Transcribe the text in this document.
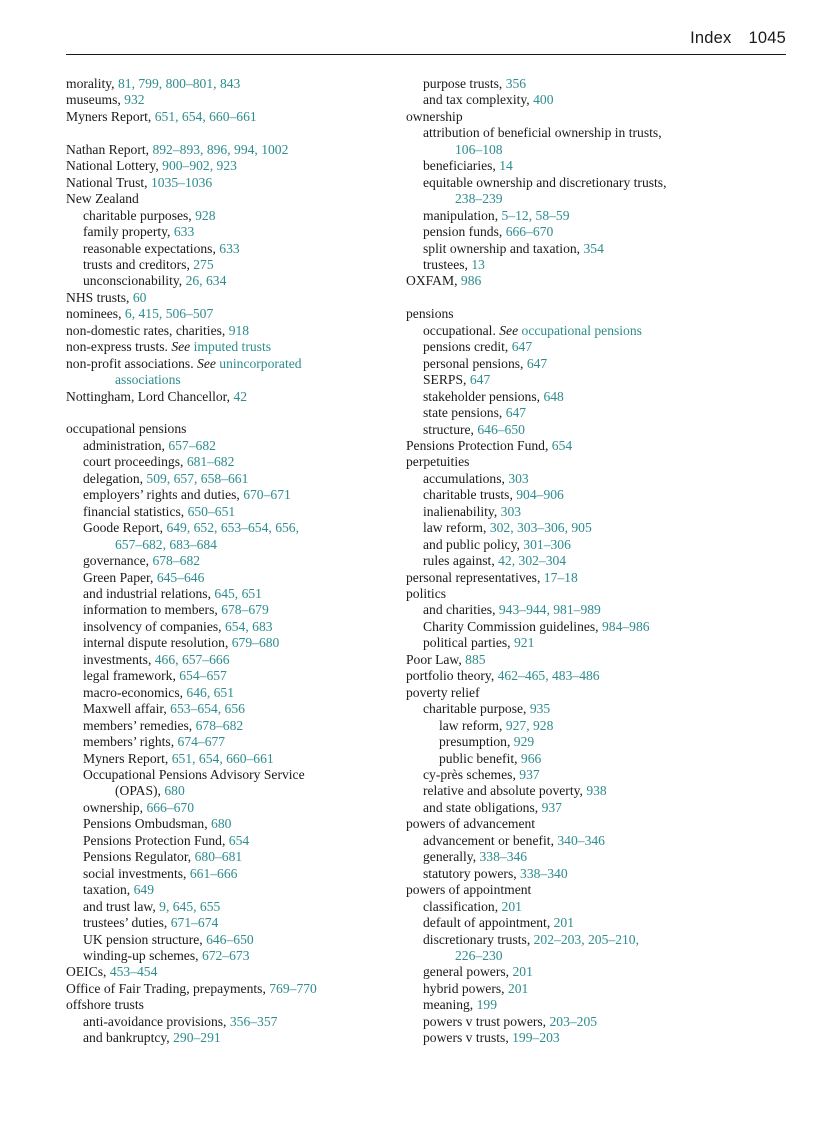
Index 1045
morality, 81, 799, 800–801, 843
museums, 932
Myners Report, 651, 654, 660–661
Nathan Report, 892–893, 896, 994, 1002
National Lottery, 900–902, 923
National Trust, 1035–1036
New Zealand
charitable purposes, 928
family property, 633
reasonable expectations, 633
trusts and creditors, 275
unconscionability, 26, 634
NHS trusts, 60
nominees, 6, 415, 506–507
non-domestic rates, charities, 918
non-express trusts. See imputed trusts
non-profit associations. See unincorporated
associations
Nottingham, Lord Chancellor, 42
occupational pensions
administration, 657–682
court proceedings, 681–682
delegation, 509, 657, 658–661
employers’ rights and duties, 670–671
financial statistics, 650–651
Goode Report, 649, 652, 653–654, 656,
657–682, 683–684
governance, 678–682
Green Paper, 645–646
and industrial relations, 645, 651
information to members, 678–679
insolvency of companies, 654, 683
internal dispute resolution, 679–680
investments, 466, 657–666
legal framework, 654–657
macro-economics, 646, 651
Maxwell affair, 653–654, 656
members’ remedies, 678–682
members’ rights, 674–677
Myners Report, 651, 654, 660–661
Occupational Pensions Advisory Service
(OPAS), 680
ownership, 666–670
Pensions Ombudsman, 680
Pensions Protection Fund, 654
Pensions Regulator, 680–681
social investments, 661–666
taxation, 649
and trust law, 9, 645, 655
trustees’ duties, 671–674
UK pension structure, 646–650
winding-up schemes, 672–673
OEICs, 453–454
Office of Fair Trading, prepayments, 769–770
offshore trusts
anti-avoidance provisions, 356–357
and bankruptcy, 290–291
purpose trusts, 356
and tax complexity, 400
ownership
attribution of beneficial ownership in trusts,
106–108
beneficiaries, 14
equitable ownership and discretionary trusts,
238–239
manipulation, 5–12, 58–59
pension funds, 666–670
split ownership and taxation, 354
trustees, 13
OXFAM, 986
pensions
occupational. See occupational pensions
pensions credit, 647
personal pensions, 647
SERPS, 647
stakeholder pensions, 648
state pensions, 647
structure, 646–650
Pensions Protection Fund, 654
perpetuities
accumulations, 303
charitable trusts, 904–906
inalienability, 303
law reform, 302, 303–306, 905
and public policy, 301–306
rules against, 42, 302–304
personal representatives, 17–18
politics
and charities, 943–944, 981–989
Charity Commission guidelines, 984–986
political parties, 921
Poor Law, 885
portfolio theory, 462–465, 483–486
poverty relief
charitable purpose, 935
law reform, 927, 928
presumption, 929
public benefit, 966
cy-près schemes, 937
relative and absolute poverty, 938
and state obligations, 937
powers of advancement
advancement or benefit, 340–346
generally, 338–346
statutory powers, 338–340
powers of appointment
classification, 201
default of appointment, 201
discretionary trusts, 202–203, 205–210,
226–230
general powers, 201
hybrid powers, 201
meaning, 199
powers v trust powers, 203–205
powers v trusts, 199–203
